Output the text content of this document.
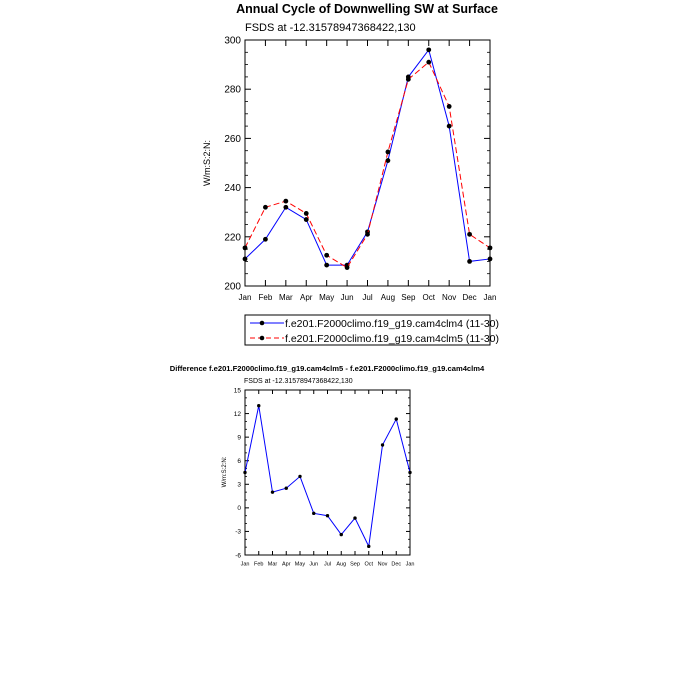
Annual Cycle of Downwelling SW at Surface
FSDS at -12.31578947368422,130
W/m:S:2:N:
200
220
240
260
280
300
Jan Feb Mar Apr May Jun Jul Aug Sep Oct Nov Dec Jan
f.e201.F2000climo.f19_g19.cam4clm4 (11-30)
f.e201.F2000climo.f19_g19.cam4clm5 (11-30)
Difference f.e201.F2000climo.f19_g19.cam4clm5 - f.e201.F2000climo.f19_g19.cam4clm4
FSDS at -12.31578947368422,130
W/m:S:2:N:
-6
-3
0
3
6
9
12
15
Jan Feb Mar Apr May Jun Jul Aug Sep Oct Nov Dec Jan
